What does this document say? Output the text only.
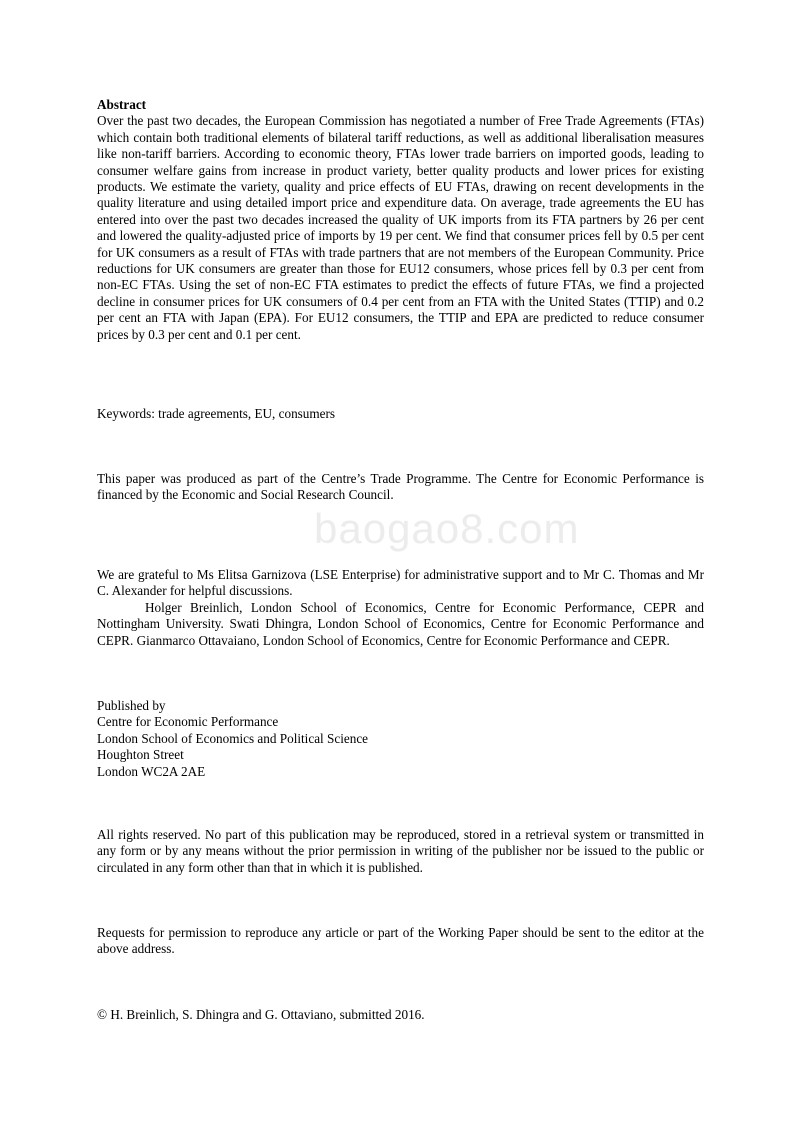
baogao8.com
Abstract
Over the past two decades, the European Commission has negotiated a number of Free Trade Agreements (FTAs) which contain both traditional elements of bilateral tariff reductions, as well as additional liberalisation measures like non-tariff barriers. According to economic theory, FTAs lower trade barriers on imported goods, leading to consumer welfare gains from increase in product variety, better quality products and lower prices for existing products. We estimate the variety, quality and price effects of EU FTAs, drawing on recent developments in the quality literature and using detailed import price and expenditure data. On average, trade agreements the EU has entered into over the past two decades increased the quality of UK imports from its FTA partners by 26 per cent and lowered the quality-adjusted price of imports by 19 per cent. We find that consumer prices fell by 0.5 per cent for UK consumers as a result of FTAs with trade partners that are not members of the European Community. Price reductions for UK consumers are greater than those for EU12 consumers, whose prices fell by 0.3 per cent from non-EC FTAs. Using the set of non-EC FTA estimates to predict the effects of future FTAs, we find a projected decline in consumer prices for UK consumers of 0.4 per cent from an FTA with the United States (TTIP) and 0.2 per cent an FTA with Japan (EPA). For EU12 consumers, the TTIP and EPA are predicted to reduce consumer prices by 0.3 per cent and 0.1 per cent.
Keywords: trade agreements, EU, consumers
This paper was produced as part of the Centre’s Trade Programme. The Centre for Economic Performance is financed by the Economic and Social Research Council.
We are grateful to Ms Elitsa Garnizova (LSE Enterprise) for administrative support and to Mr C. Thomas and Mr C. Alexander for helpful discussions.
Holger Breinlich, London School of Economics, Centre for Economic Performance, CEPR and Nottingham University. Swati Dhingra, London School of Economics, Centre for Economic Performance and CEPR. Gianmarco Ottavaiano, London School of Economics, Centre for Economic Performance and CEPR.
Published by
Centre for Economic Performance
London School of Economics and Political Science
Houghton Street
London WC2A 2AE
All rights reserved. No part of this publication may be reproduced, stored in a retrieval system or transmitted in any form or by any means without the prior permission in writing of the publisher nor be issued to the public or circulated in any form other than that in which it is published.
Requests for permission to reproduce any article or part of the Working Paper should be sent to the editor at the above address.
© H. Breinlich, S. Dhingra and G. Ottaviano, submitted 2016.
